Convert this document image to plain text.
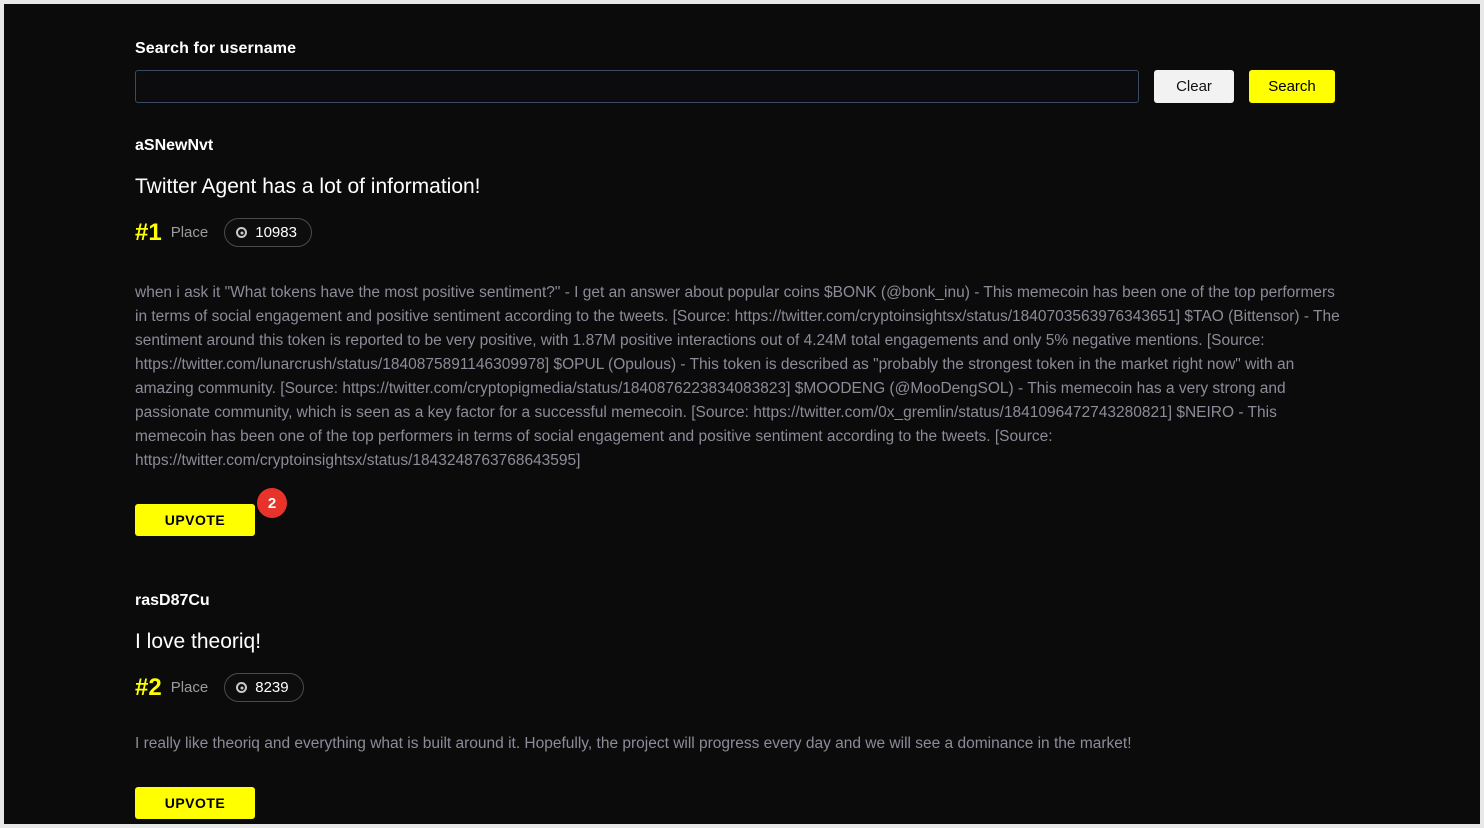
Search for username
Clear	Search
aSNewNvt
Twitter Agent has a lot of information!
#1 Place	10983
when i ask it "What tokens have the most positive sentiment?" - I get an answer about popular coins $BONK (@bonk_inu) - This memecoin has been one of the top performers in terms of social engagement and positive sentiment according to the tweets. [Source: https://twitter.com/cryptoinsightsx/status/1840703563976343651] $TAO (Bittensor) - The sentiment around this token is reported to be very positive, with 1.87M positive interactions out of 4.24M total engagements and only 5% negative mentions. [Source: https://twitter.com/lunarcrush/status/1840875891146309978] $OPUL (Opulous) - This token is described as "probably the strongest token in the market right now" with an amazing community. [Source: https://twitter.com/cryptopigmedia/status/1840876223834083823] $MOODENG (@MooDengSOL) - This memecoin has a very strong and passionate community, which is seen as a key factor for a successful memecoin. [Source: https://twitter.com/0x_gremlin/status/1841096472743280821] $NEIRO - This memecoin has been one of the top performers in terms of social engagement and positive sentiment according to the tweets. [Source: https://twitter.com/cryptoinsightsx/status/1843248763768643595]
UPVOTE
2
rasD87Cu
I love theoriq!
#2 Place	8239
I really like theoriq and everything what is built around it. Hopefully, the project will progress every day and we will see a dominance in the market!
UPVOTE
